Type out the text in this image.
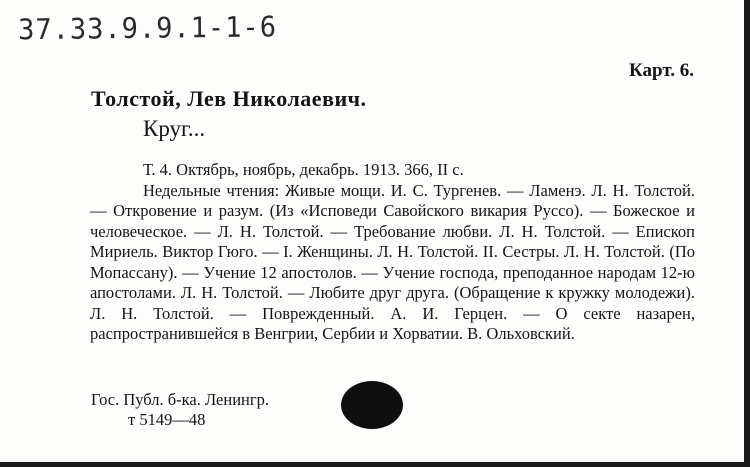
37.33.9.9.1-1-6
Карт. 6.
Толстой, Лев Николаевич.
Круг...

Т. 4. Октябрь, ноябрь, декабрь. 1913. 366, II с.

Недельные чтения: Живые мощи. И. С. Тургенев. — Ламенэ. Л. Н. Толстой. — Откровение и разум. (Из «Исповеди Савойского викария Руссо). — Божеское и человеческое. — Л. Н. Толстой. — Требование любви. Л. Н. Толстой. — Епископ Мириель. Виктор Гюго. — I. Женщины. Л. Н. Толстой. II. Сестры. Л. Н. Толстой. (По Мопассану). — Учение 12 апостолов. — Учение господа, преподанное народам 12-ю апостолами. Л. Н. Толстой. — Любите друг друга. (Обращение к кружку молодежи). Л. Н. Толстой. — Поврежденный. А. И. Герцен. — О секте назарен, распространившейся в Венгрии, Сербии и Хорватии. В. Ольховский.

Гос. Публ. б-ка. Ленингр.
т 5149—48
